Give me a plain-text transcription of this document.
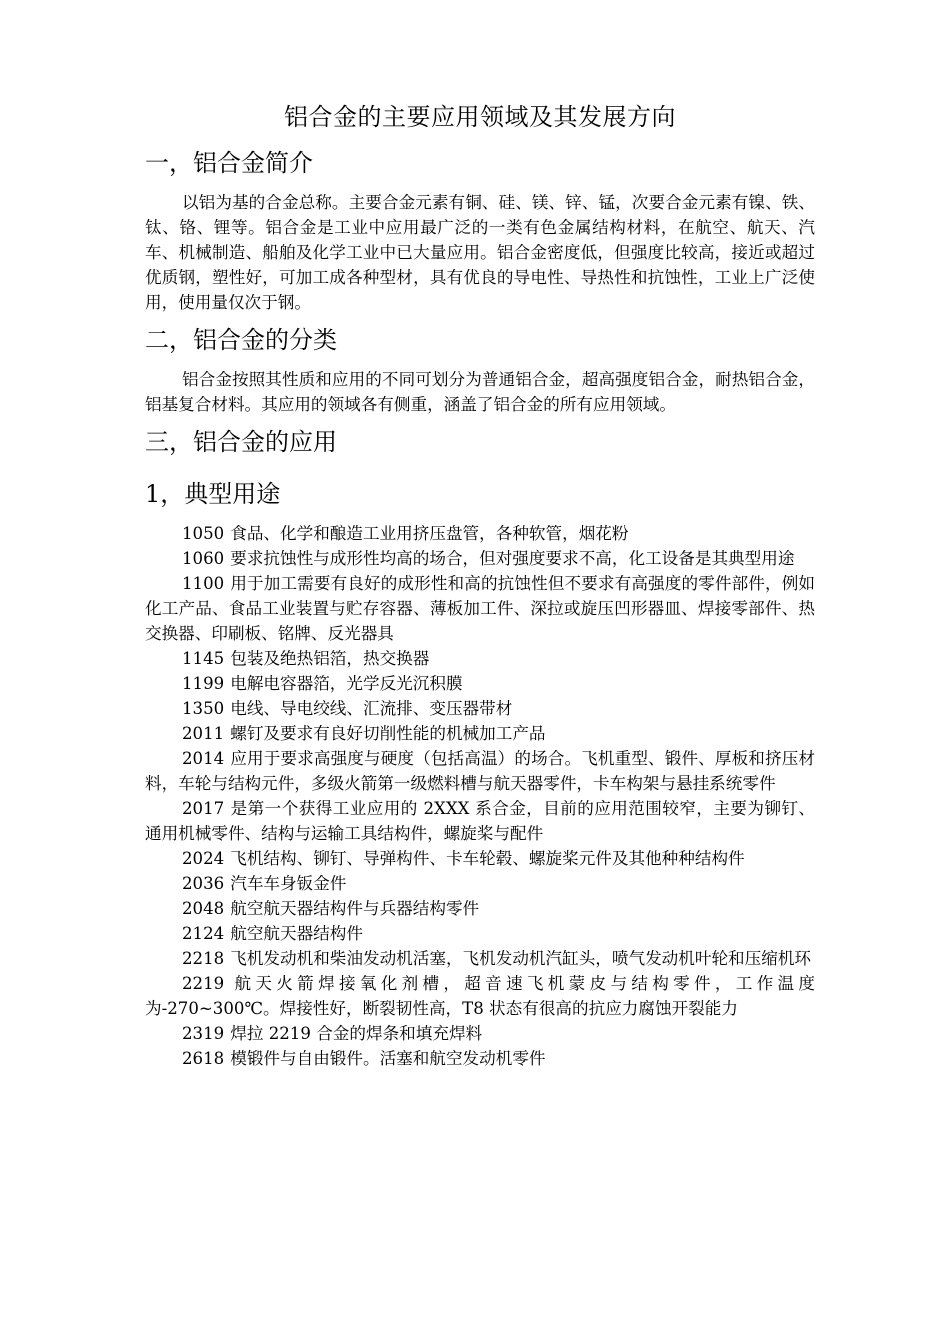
铝合金的主要应用领域及其发展方向
一，铝合金简介

以铝为基的合金总称。主要合金元素有铜、硅、镁、锌、锰，次要合金元素有镍、铁、钛、铬、锂等。铝合金是工业中应用最广泛的一类有色金属结构材料，在航空、航天、汽车、机械制造、船舶及化学工业中已大量应用。铝合金密度低，但强度比较高，接近或超过优质钢，塑性好，可加工成各种型材，具有优良的导电性、导热性和抗蚀性，工业上广泛使用，使用量仅次于钢。

二，铝合金的分类

铝合金按照其性质和应用的不同可划分为普通铝合金，超高强度铝合金，耐热铝合金，铝基复合材料。其应用的领域各有侧重，涵盖了铝合金的所有应用领域。

三，铝合金的应用
1，典型用途

1050 食品、化学和酿造工业用挤压盘管，各种软管，烟花粉

1060 要求抗蚀性与成形性均高的场合，但对强度要求不高，化工设备是其典型用途

1100 用于加工需要有良好的成形性和高的抗蚀性但不要求有高强度的零件部件，例如化工产品、食品工业装置与贮存容器、薄板加工件、深拉或旋压凹形器皿、焊接零部件、热交换器、印刷板、铭牌、反光器具

1145 包装及绝热铝箔，热交换器

1199 电解电容器箔，光学反光沉积膜

1350 电线、导电绞线、汇流排、变压器带材

2011 螺钉及要求有良好切削性能的机械加工产品

2014 应用于要求高强度与硬度（包括高温）的场合。飞机重型、锻件、厚板和挤压材料，车轮与结构元件，多级火箭第一级燃料槽与航天器零件，卡车构架与悬挂系统零件

2017 是第一个获得工业应用的 2XXX 系合金，目前的应用范围较窄，主要为铆钉、通用机械零件、结构与运输工具结构件，螺旋桨与配件

2024 飞机结构、铆钉、导弹构件、卡车轮毂、螺旋桨元件及其他种种结构件

2036 汽车车身钣金件

2048 航空航天器结构件与兵器结构零件

2124 航空航天器结构件

2218 飞机发动机和柴油发动机活塞，飞机发动机汽缸头，喷气发动机叶轮和压缩机环

2219 航天火箭焊接氧化剂槽，超音速飞机蒙皮与结构零件，工作温度为-270~300℃。焊接性好，断裂韧性高，T8 状态有很高的抗应力腐蚀开裂能力

2319 焊拉 2219 合金的焊条和填充焊料

2618 模锻件与自由锻件。活塞和航空发动机零件
